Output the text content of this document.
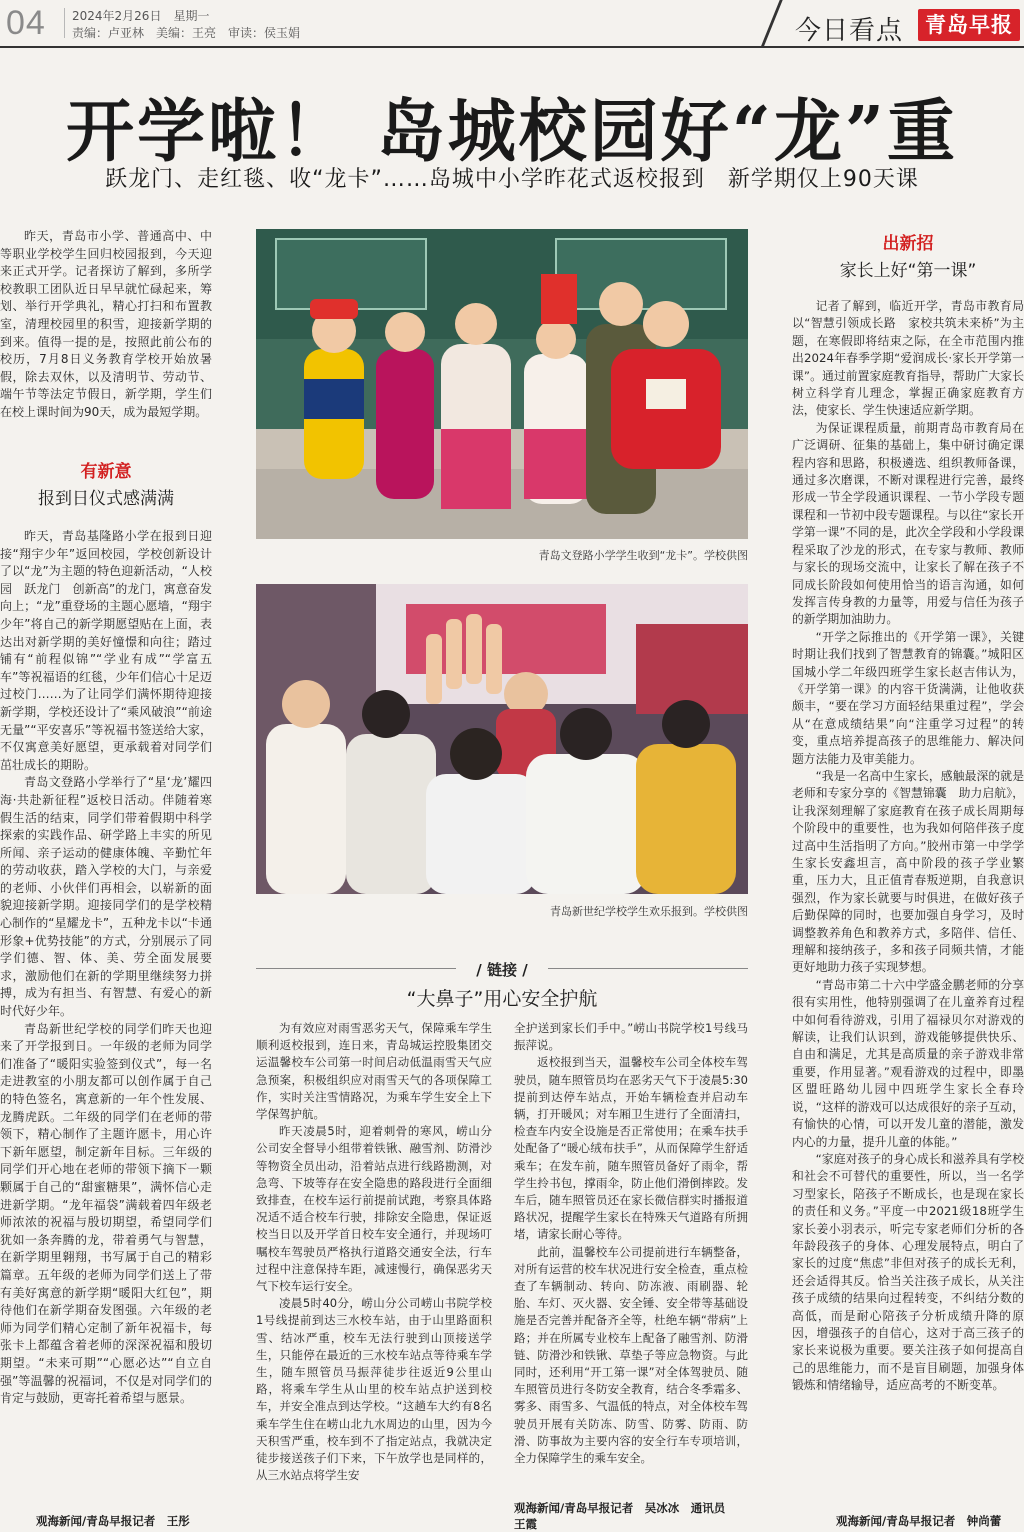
04 2024年2月26日　星期一
责编：卢亚林　美编：王亮　审读：侯玉娟	今日看点	青岛早报
开学啦！ 岛城校园好“龙”重
跃龙门、走红毯、收“龙卡”……岛城中小学昨花式返校报到　新学期仅上90天课

昨天，青岛市小学、普通高中、中等职业学校学生回归校园报到，今天迎来正式开学。记者探访了解到，多所学校教职工团队近日早早就忙碌起来，筹划、举行开学典礼，精心打扫和布置教室，清理校园里的积雪，迎接新学期的到来。值得一提的是，按照此前公布的校历，7月8日义务教育学校开始放暑假，除去双休，以及清明节、劳动节、端午节等法定节假日，新学期，学生们在校上课时间为90天，成为最短学期。

有新意
报到日仪式感满满

昨天，青岛基隆路小学在报到日迎接“翔宇少年”返回校园，学校创新设计了以“龙”为主题的特色迎新活动，“人校园　跃龙门　创新高”的龙门，寓意奋发向上；“龙”重登场的主题心愿墙，“翔宇少年”将自己的新学期愿望贴在上面，表达出对新学期的美好憧憬和向往；踏过铺有“前程似锦”“学业有成”“学富五车”等祝福语的红毯，少年们信心十足迈过校门……为了让同学们满怀期待迎接新学期，学校还设计了“乘风破浪”“前途无量”“平安喜乐”等祝福书签送给大家，不仅寓意美好愿望，更承载着对同学们茁壮成长的期盼。

青岛文登路小学举行了“星‘龙’耀四海·共赴新征程”返校日活动。伴随着寒假生活的结束，同学们带着假期中科学探索的实践作品、研学路上丰实的所见所闻、亲子运动的健康体魄、辛勤忙年的劳动收获，踏入学校的大门，与亲爱的老师、小伙伴们再相会，以崭新的面貌迎接新学期。迎接同学们的是学校精心制作的“星耀龙卡”，五种龙卡以“卡通形象+优势技能”的方式，分别展示了同学们德、智、体、美、劳全面发展要求，激励他们在新的学期里继续努力拼搏，成为有担当、有智慧、有爱心的新时代好少年。

青岛新世纪学校的同学们昨天也迎来了开学报到日。一年级的老师为同学们准备了“暖阳实验签到仪式”，每一名走进教室的小朋友都可以创作属于自己的特色签名，寓意新的一年个性发展、龙腾虎跃。二年级的同学们在老师的带领下，精心制作了主题许愿卡，用心许下新年愿望，制定新年目标。三年级的同学们开心地在老师的带领下摘下一颗颗属于自己的“甜蜜糖果”，满怀信心走进新学期。“龙年福袋”满载着四年级老师浓浓的祝福与殷切期望，希望同学们犹如一条奔腾的龙，带着勇气与智慧，在新学期里翱翔，书写属于自己的精彩篇章。五年级的老师为同学们送上了带有美好寓意的新学期“暖阳大红包”，期待他们在新学期奋发图强。六年级的老师为同学们精心定制了新年祝福卡，每张卡上都蕴含着老师的深深祝福和殷切期望。“未来可期”“心愿必达”“自立自强”等温馨的祝福词，不仅是对同学们的肯定与鼓励，更寄托着希望与愿景。

观海新闻/青岛早报记者　王彤
青岛文登路小学学生收到“龙卡”。学校供图
青岛新世纪学校学生欢乐报到。学校供图
/ 链接 /
“大鼻子”用心安全护航

为有效应对雨雪恶劣天气，保障乘车学生顺利返校报到，连日来，青岛城运控股集团交运温馨校车公司第一时间启动低温雨雪天气应急预案，积极组织应对雨雪天气的各项保障工作，实时关注雪情路况，为乘车学生安全上下学保驾护航。

昨天凌晨5时，迎着刺骨的寒风，崂山分公司安全督导小组带着铁锹、融雪剂、防滑沙等物资全员出动，沿着站点进行线路勘测，对急弯、下坡等存在安全隐患的路段进行全面细致排查，在校车运行前提前试跑，考察具体路况适不适合校车行驶，排除安全隐患，保证返校当日以及开学首日校车安全通行，并现场叮嘱校车驾驶员严格执行道路交通安全法，行车过程中注意保持车距，减速慢行，确保恶劣天气下校车运行安全。

凌晨5时40分，崂山分公司崂山书院学校1号线提前到达三水校车站，由于山里路面积雪、结冰严重，校车无法行驶到山顶接送学生，只能停在最近的三水校车站点等待乘车学生，随车照管员马振萍徒步往返近9公里山路，将乘车学生从山里的校车站点护送到校车，并安全准点到达学校。“这趟车大约有8名乘车学生住在崂山北九水周边的山里，因为今天积雪严重，校车到不了指定站点，我就决定徒步接送孩子们下来，下午放学也是同样的，从三水站点将学生安

全护送到家长们手中。”崂山书院学校1号线马振萍说。

返校报到当天，温馨校车公司全体校车驾驶员，随车照管员均在恶劣天气下于凌晨5:30提前到达停车站点，开始车辆检查并启动车辆，打开暖风；对车厢卫生进行了全面清扫，检查车内安全设施是否正常使用；在乘车扶手处配备了“暖心绒布扶手”，从而保障学生舒适乘车；在发车前，随车照管员备好了雨伞，帮学生拎书包，撑雨伞，防止他们滑倒摔跤。发车后，随车照管员还在家长微信群实时播报道路状况，提醒学生家长在特殊天气道路有所拥堵，请家长耐心等待。

此前，温馨校车公司提前进行车辆整备，对所有运营的校车状况进行安全检查，重点检查了车辆制动、转向、防冻液、雨刷器、轮胎、车灯、灭火器、安全锤、安全带等基础设施是否完善并配备齐全等，杜绝车辆“带病”上路；并在所属专业校车上配备了融雪剂、防滑链、防滑沙和铁锹、草垫子等应急物资。与此同时，还利用“开工第一课”对全体驾驶员、随车照管员进行冬防安全教育，结合冬季霜多、雾多、雨雪多、气温低的特点，对全体校车驾驶员开展有关防冻、防雪、防雾、防雨、防滑、防事故为主要内容的安全行车专项培训，全力保障学生的乘车安全。

观海新闻/青岛早报记者　吴冰冰　通讯员　王霞
出新招
家长上好“第一课”

记者了解到，临近开学，青岛市教育局以“智慧引领成长路　家校共筑未来桥”为主题，在寒假即将结束之际，在全市范围内推出2024年春季学期“爱润成长·家长开学第一课”。通过前置家庭教育指导，帮助广大家长树立科学育儿理念，掌握正确家庭教育方法，使家长、学生快速适应新学期。

为保证课程质量，前期青岛市教育局在广泛调研、征集的基础上，集中研讨确定课程内容和思路，积极遴选、组织教师备课，通过多次磨课，不断对课程进行完善，最终形成一节全学段通识课程、一节小学段专题课程和一节初中段专题课程。与以往“家长开学第一课”不同的是，此次全学段和小学段课程采取了沙龙的形式，在专家与教师、教师与家长的现场交流中，让家长了解在孩子不同成长阶段如何使用恰当的语言沟通，如何发挥言传身教的力量等，用爱与信任为孩子的新学期加油助力。

“开学之际推出的《开学第一课》，关键时期让我们找到了智慧教育的锦囊。”城阳区国城小学二年级四班学生家长赵吉伟认为，《开学第一课》的内容干货满满，让他收获颇丰，“要在学习方面轻结果重过程”，学会从“在意成绩结果”向“注重学习过程”的转变，重点培养提高孩子的思维能力、解决问题方法能力及审美能力。

“我是一名高中生家长，感触最深的就是老师和专家分享的《智慧锦囊　助力启航》，让我深刻理解了家庭教育在孩子成长周期每个阶段中的重要性，也为我如何陪伴孩子度过高中生活指明了方向。”胶州市第一中学学生家长安鑫坦言，高中阶段的孩子学业繁重，压力大，且正值青春叛逆期，自我意识强烈，作为家长就要与时俱进，在做好孩子后勤保障的同时，也要加强自身学习，及时调整教养角色和教养方式，多陪伴、信任、理解和接纳孩子，多和孩子同频共情，才能更好地助力孩子实现梦想。

“青岛市第二十六中学盛金鹏老师的分享很有实用性，他特别强调了在儿童养育过程中如何看待游戏，引用了福禄贝尔对游戏的解读，让我们认识到，游戏能够提供快乐、自由和满足，尤其是高质量的亲子游戏非常重要，作用显著。”观看游戏的过程中，即墨区盟旺路幼儿园中四班学生家长全春玲说，“这样的游戏可以达成很好的亲子互动，有愉快的心情，可以开发儿童的潜能，激发内心的力量，提升儿童的体能。”

“家庭对孩子的身心成长和滋养具有学校和社会不可替代的重要性，所以，当一名学习型家长，陪孩子不断成长，也是现在家长的责任和义务。”平度一中2021级18班学生家长姜小羽表示，听完专家老师们分析的各年龄段孩子的身体、心理发展特点，明白了家长的过度“焦虑”非但对孩子的成长无利，还会适得其反。恰当关注孩子成长，从关注孩子成绩的结果向过程转变，不纠结分数的高低，而是耐心陪孩子分析成绩升降的原因，增强孩子的自信心，这对于高三孩子的家长来说极为重要。要关注孩子如何提高自己的思维能力，而不是盲目刷题，加强身体锻炼和情绪输导，适应高考的不断变革。

观海新闻/青岛早报记者　钟尚蕾
